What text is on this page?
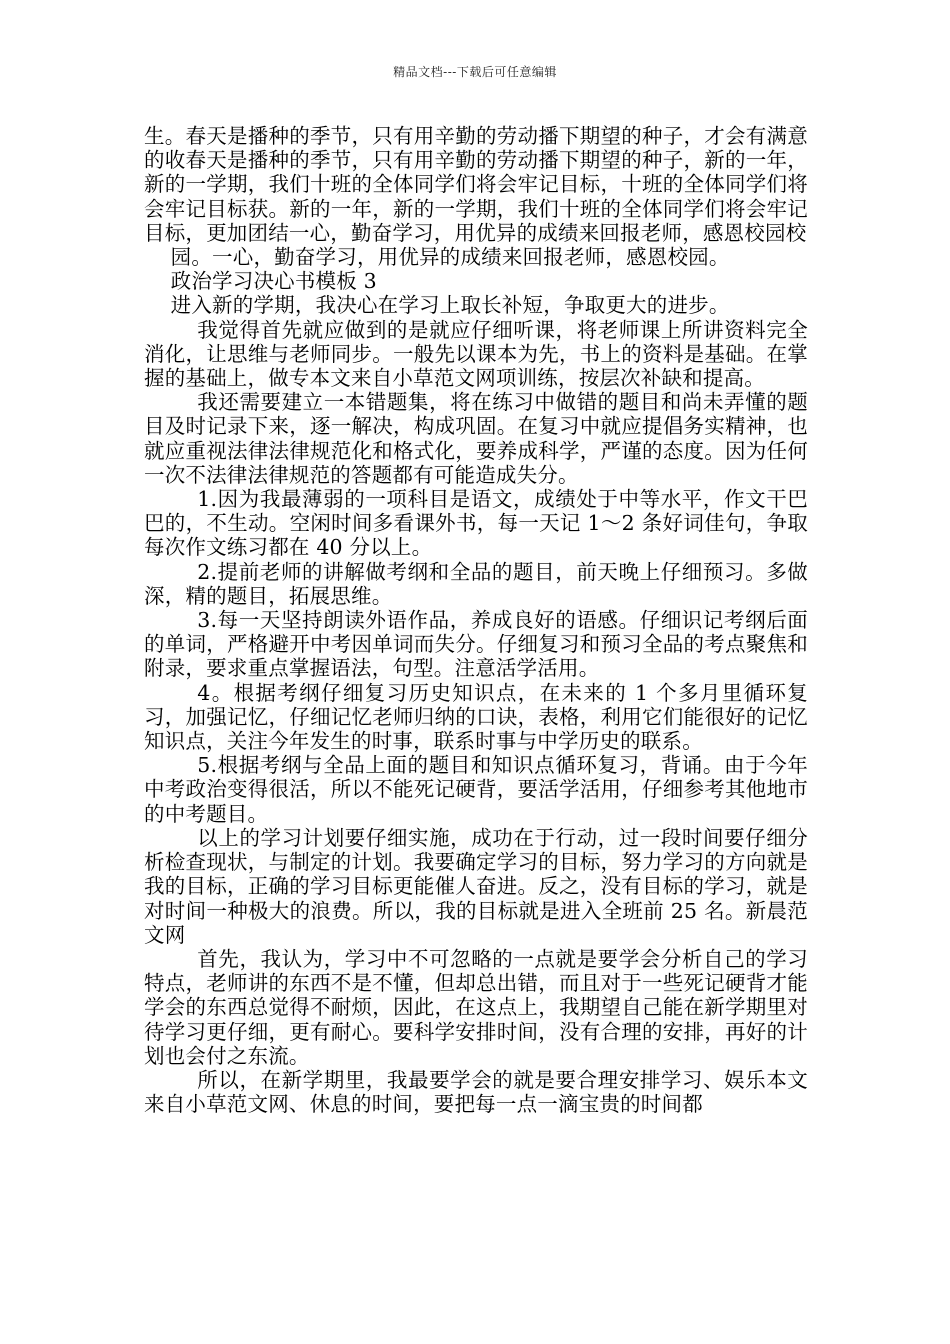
精品文档---下载后可任意编辑

生。春天是播种的季节，只有用辛勤的劳动播下期望的种子，才会有满意的收春天是播种的季节，只有用辛勤的劳动播下期望的种子，新的一年，新的一学期，我们十班的全体同学们将会牢记目标，十班的全体同学们将会牢记目标获。新的一年，新的一学期，我们十班的全体同学们将会牢记目标，更加团结一心，勤奋学习，用优异的成绩来回报老师，感恩校园校

园。一心，勤奋学习，用优异的成绩来回报老师，感恩校园。

政治学习决心书模板 3

进入新的学期，我决心在学习上取长补短，争取更大的进步。

我觉得首先就应做到的是就应仔细听课，将老师课上所讲资料完全消化，让思维与老师同步。一般先以课本为先，书上的资料是基础。在掌握的基础上，做专本文来自小草范文网项训练，按层次补缺和提高。

我还需要建立一本错题集，将在练习中做错的题目和尚未弄懂的题目及时记录下来，逐一解决，构成巩固。在复习中就应提倡务实精神，也就应重视法律法律规范化和格式化，要养成科学，严谨的态度。因为任何一次不法律法律规范的答题都有可能造成失分。

1.因为我最薄弱的一项科目是语文，成绩处于中等水平，作文干巴巴的，不生动。空闲时间多看课外书，每一天记 1～2 条好词佳句，争取每次作文练习都在 40 分以上。

2.提前老师的讲解做考纲和全品的题目，前天晚上仔细预习。多做深，精的题目，拓展思维。

3.每一天坚持朗读外语作品，养成良好的语感。仔细识记考纲后面的单词，严格避开中考因单词而失分。仔细复习和预习全品的考点聚焦和附录，要求重点掌握语法，句型。注意活学活用。

4。根据考纲仔细复习历史知识点，在未来的 1 个多月里循环复习，加强记忆，仔细记忆老师归纳的口诀，表格，利用它们能很好的记忆知识点，关注今年发生的时事，联系时事与中学历史的联系。

5.根据考纲与全品上面的题目和知识点循环复习，背诵。由于今年中考政治变得很活，所以不能死记硬背，要活学活用，仔细参考其他地市的中考题目。

以上的学习计划要仔细实施，成功在于行动，过一段时间要仔细分析检查现状，与制定的计划。我要确定学习的目标，努力学习的方向就是我的目标，正确的学习目标更能催人奋进。反之，没有目标的学习，就是对时间一种极大的浪费。所以，我的目标就是进入全班前 25 名。新晨范文网

首先，我认为，学习中不可忽略的一点就是要学会分析自己的学习特点，老师讲的东西不是不懂，但却总出错，而且对于一些死记硬背才能学会的东西总觉得不耐烦，因此，在这点上，我期望自己能在新学期里对待学习更仔细，更有耐心。要科学安排时间，没有合理的安排，再好的计划也会付之东流。

所以，在新学期里，我最要学会的就是要合理安排学习、娱乐本文来自小草范文网、休息的时间，要把每一点一滴宝贵的时间都
